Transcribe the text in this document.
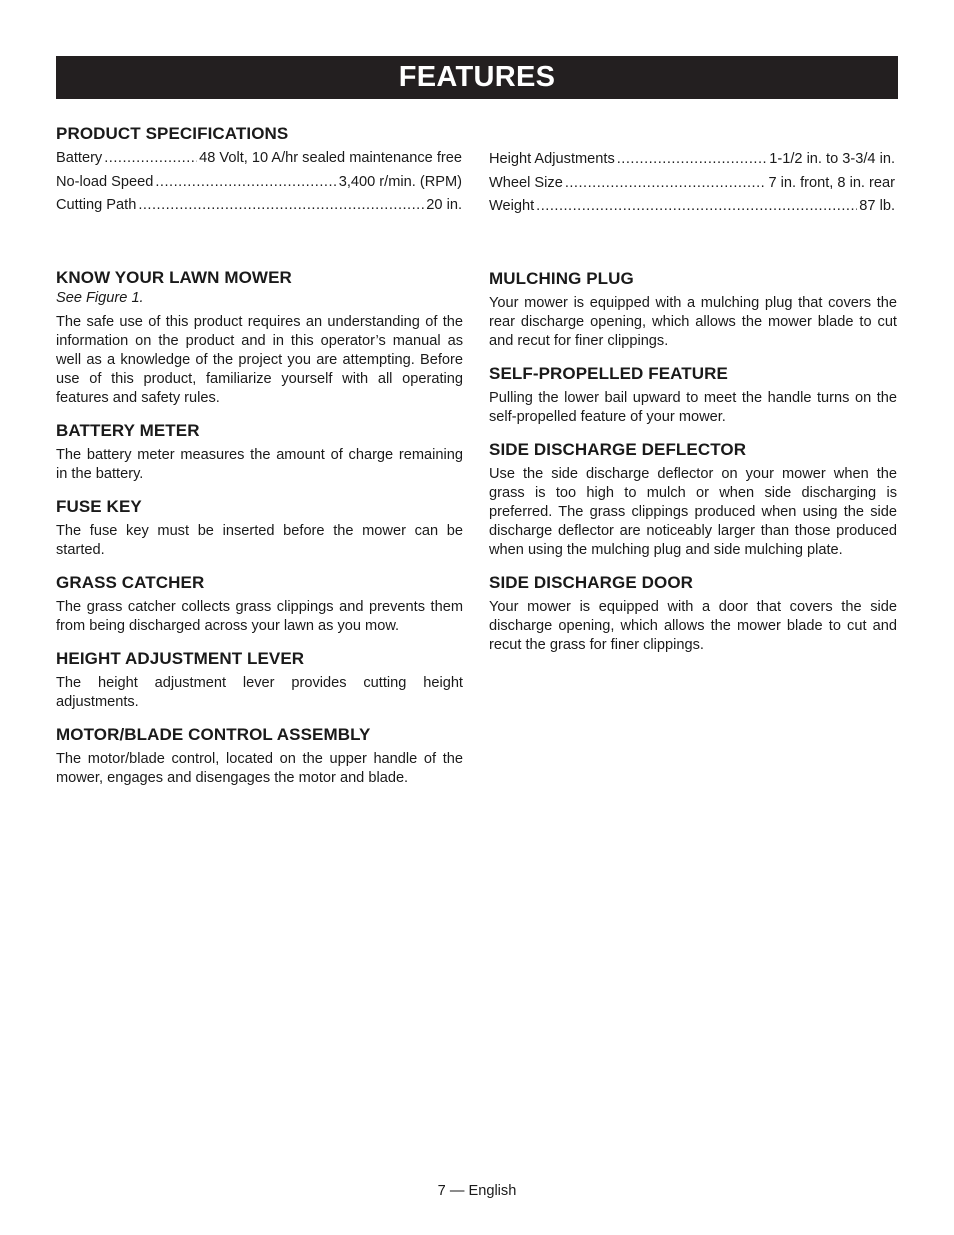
FEATURES
PRODUCT SPECIFICATIONS
Battery .....	48 Volt, 10 A/hr sealed maintenance free
No-load Speed .....	3,400 r/min. (RPM)
Cutting Path .....	20 in.
Height Adjustments .....	1-1/2 in. to 3-3/4 in.
Wheel Size .....	7 in. front, 8 in. rear
Weight .....	87 lb.
KNOW YOUR LAWN MOWER
See Figure 1.

The safe use of this product requires an understanding of the information on the product and in this operator’s manual as well as a knowledge of the project you are attempting. Before use of this product, familiarize yourself with all operating features and safety rules.

BATTERY METER

The battery meter measures the amount of charge remaining in the battery.

FUSE KEY

The fuse key must be inserted before the mower can be started.

GRASS CATCHER

The grass catcher collects grass clippings and prevents them from being discharged across your lawn as you mow.

HEIGHT ADJUSTMENT LEVER

The height adjustment lever provides cutting height adjustments.

MOTOR/BLADE CONTROL ASSEMBLY

The motor/blade control, located on the upper handle of the mower, engages and disengages the motor and blade.

MULCHING PLUG

Your mower is equipped with a mulching plug that covers the rear discharge opening, which allows the mower blade to cut and recut for finer clippings.

SELF-PROPELLED FEATURE

Pulling the lower bail upward to meet the handle turns on the self-propelled feature of your mower.

SIDE DISCHARGE DEFLECTOR

Use the side discharge deflector on your mower when the grass is too high to mulch or when side discharging is preferred. The grass clippings produced when using the side discharge deflector are noticeably larger than those produced when using the mulching plug and side mulching plate.

SIDE DISCHARGE DOOR

Your mower is equipped with a door that covers the side discharge opening, which allows the mower blade to cut and recut the grass for finer clippings.

7 — English
